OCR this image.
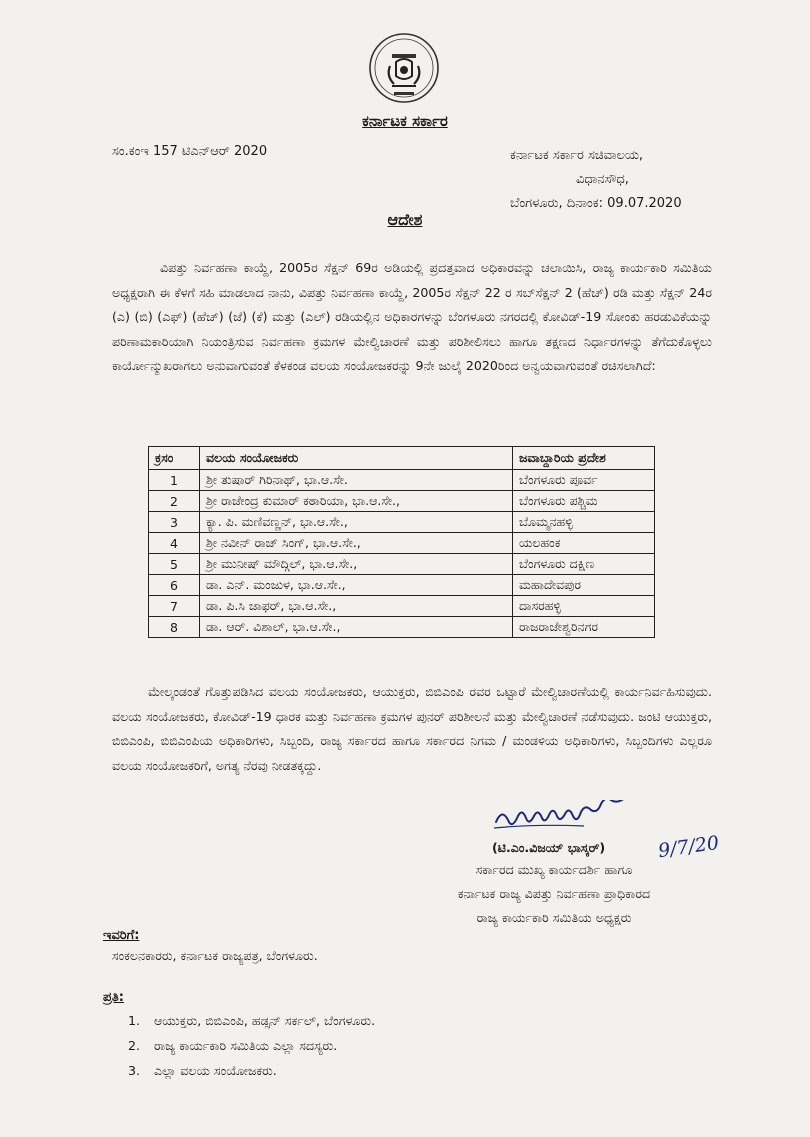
ಕರ್ನಾಟಕ ಸರ್ಕಾರ
ಸಂ.ಕಂಇ 157 ಟಿಎನ್ಆರ್ 2020	ಕರ್ನಾಟಕ ಸರ್ಕಾರ ಸಚಿವಾಲಯ,
ವಿಧಾನಸೌಧ,
ಬೆಂಗಳೂರು, ದಿನಾಂಕ: 09.07.2020
ಆದೇಶ
ವಿಪತ್ತು ನಿರ್ವಹಣಾ ಕಾಯ್ದೆ, 2005ರ ಸೆಕ್ಷನ್ 69ರ ಅಡಿಯಲ್ಲಿ ಪ್ರದತ್ತವಾದ ಅಧಿಕಾರವನ್ನು ಚಲಾಯಿಸಿ, ರಾಜ್ಯ ಕಾರ್ಯಕಾರಿ ಸಮಿತಿಯ ಅಧ್ಯಕ್ಷರಾಗಿ ಈ ಕೆಳಗೆ ಸಹಿ ಮಾಡಲಾದ ನಾನು, ವಿಪತ್ತು ನಿರ್ವಹಣಾ ಕಾಯ್ದೆ, 2005ರ ಸೆಕ್ಷನ್ 22 ರ ಸಬ್‌ಸೆಕ್ಷನ್ 2 (ಹೆಚ್) ರಡಿ ಮತ್ತು ಸೆಕ್ಷನ್ 24ರ (ಎ) (ಬಿ) (ಎಫ್) (ಹೆಚ್) (ಜೆ) (ಕೆ) ಮತ್ತು (ಎಲ್) ರಡಿಯಲ್ಲಿನ ಅಧಿಕಾರಗಳನ್ನು ಬೆಂಗಳೂರು ನಗರದಲ್ಲಿ ಕೋವಿಡ್-19 ಸೋಂಕು ಹರಡುವಿಕೆಯನ್ನು ಪರಿಣಾಮಕಾರಿಯಾಗಿ ನಿಯಂತ್ರಿಸುವ ನಿರ್ವಹಣಾ ಕ್ರಮಗಳ ಮೇಲ್ವಿಚಾರಣೆ ಮತ್ತು ಪರಿಶೀಲಿಸಲು ಹಾಗೂ ತಕ್ಷಣದ ನಿರ್ಧಾರಗಳನ್ನು ತೆಗೆದುಕೊಳ್ಳಲು ಕಾರ್ಯೋನ್ಮುಖರಾಗಲು ಅನುವಾಗುವಂತೆ ಕೆಳಕಂಡ ವಲಯ ಸಂಯೋಜಕರನ್ನು 9ನೇ ಜುಲೈ 2020ರಿಂದ ಅನ್ವಯವಾಗುವಂತೆ ರಚಿಸಲಾಗಿದೆ:
ಕ್ರಸಂ	ವಲಯ ಸಂಯೋಜಕರು	ಜವಾಬ್ದಾರಿಯ ಪ್ರದೇಶ
1	ಶ್ರೀ ತುಷಾರ್ ಗಿರಿನಾಥ್, ಭಾ.ಆ.ಸೇ.	ಬೆಂಗಳೂರು ಪೂರ್ವ
2	ಶ್ರೀ ರಾಜೇಂದ್ರ ಕುಮಾರ್ ಕಠಾರಿಯಾ, ಭಾ.ಆ.ಸೇ.,	ಬೆಂಗಳೂರು ಪಶ್ಚಿಮ
3	ಕ್ಯಾ. ಪಿ. ಮಣಿವಣ್ಣನ್, ಭಾ.ಆ.ಸೇ.,	ಬೊಮ್ಮನಹಳ್ಳಿ
4	ಶ್ರೀ ನವೀನ್ ರಾಜ್ ಸಿಂಗ್, ಭಾ.ಆ.ಸೇ.,	ಯಲಹಂಕ
5	ಶ್ರೀ ಮುನೀಷ್ ಮೌದ್ಗಿಲ್, ಭಾ.ಆ.ಸೇ.,	ಬೆಂಗಳೂರು ದಕ್ಷಿಣ
6	ಡಾ. ಎನ್. ಮಂಜುಳ, ಭಾ.ಆ.ಸೇ.,	ಮಹಾದೇವಪುರ
7	ಡಾ. ಪಿ.ಸಿ ಜಾಫರ್, ಭಾ.ಆ.ಸೇ.,	ದಾಸರಹಳ್ಳಿ
8	ಡಾ. ಆರ್. ವಿಶಾಲ್, ಭಾ.ಆ.ಸೇ.,	ರಾಜರಾಜೇಶ್ವರಿನಗರ
ಮೇಲ್ಕಂಡಂತೆ ಗೊತ್ತುಪಡಿಸಿದ ವಲಯ ಸಂಯೋಜಕರು, ಆಯುಕ್ತರು, ಬಿಬಿಎಂಪಿ ರವರ ಒಟ್ಟಾರೆ ಮೇಲ್ವಿಚಾರಣೆಯಲ್ಲಿ ಕಾರ್ಯನಿರ್ವಹಿಸುವುದು. ವಲಯ ಸಂಯೋಜಕರು, ಕೋವಿಡ್-19 ಧಾರಕ ಮತ್ತು ನಿರ್ವಹಣಾ ಕ್ರಮಗಳ ಪುನರ್ ಪರಿಶೀಲನೆ ಮತ್ತು ಮೇಲ್ವಿಚಾರಣೆ ನಡೆಸುವುದು. ಜಂಟಿ ಆಯುಕ್ತರು, ಬಿಬಿಎಂಪಿ, ಬಿಬಿಎಂಪಿಯ ಅಧಿಕಾರಿಗಳು, ಸಿಬ್ಬಂದಿ, ರಾಜ್ಯ ಸರ್ಕಾರದ ಹಾಗೂ ಸರ್ಕಾರದ ನಿಗಮ / ಮಂಡಳಿಯ ಅಧಿಕಾರಿಗಳು, ಸಿಬ್ಬಂದಿಗಳು ಎಲ್ಲರೂ ವಲಯ ಸಂಯೋಜಕರಿಗೆ, ಅಗತ್ಯ ನೆರವು ನೀಡತಕ್ಕದ್ದು.
9/7/20
(ಟಿ.ಎಂ.ವಿಜಯ್ ಭಾಸ್ಕರ್)
ಸರ್ಕಾರದ ಮುಖ್ಯ ಕಾರ್ಯದರ್ಶಿ ಹಾಗೂ
ಕರ್ನಾಟಕ ರಾಜ್ಯ ವಿಪತ್ತು ನಿರ್ವಹಣಾ ಪ್ರಾಧಿಕಾರದ
ರಾಜ್ಯ ಕಾರ್ಯಕಾರಿ ಸಮಿತಿಯ ಅಧ್ಯಕ್ಷರು
ಇವರಿಗೆ:
ಸಂಕಲನಕಾರರು, ಕರ್ನಾಟಕ ರಾಜ್ಯಪತ್ರ, ಬೆಂಗಳೂರು.
ಪ್ರತಿ:
1. ಆಯುಕ್ತರು, ಬಿಬಿಎಂಪಿ, ಹಡ್ಸನ್ ಸರ್ಕಲ್, ಬೆಂಗಳೂರು.
2. ರಾಜ್ಯ ಕಾರ್ಯಕಾರಿ ಸಮಿತಿಯ ಎಲ್ಲಾ ಸದಸ್ಯರು.
3. ಎಲ್ಲಾ ವಲಯ ಸಂಯೋಜಕರು.
